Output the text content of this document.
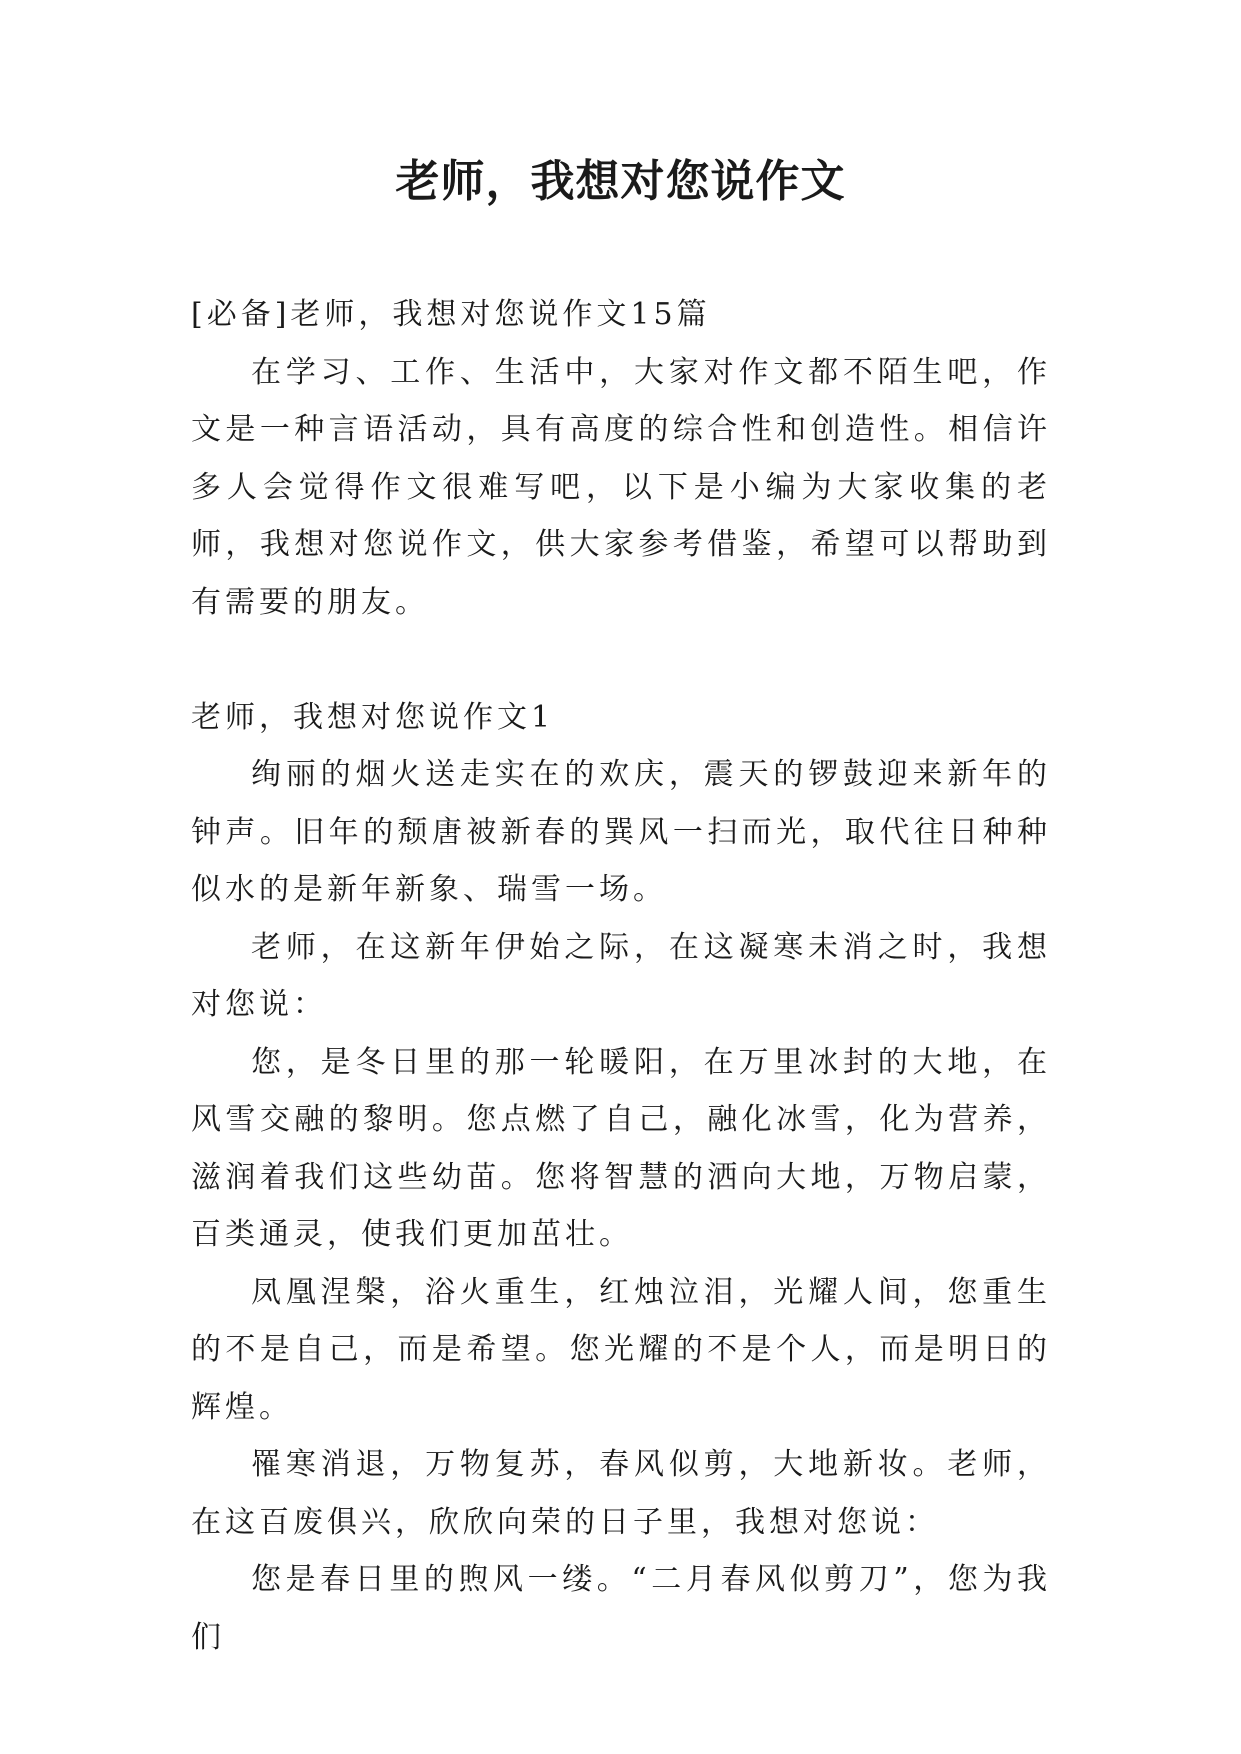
老师，我想对您说作文

[必备]老师，我想对您说作文15篇

在学习、工作、生活中，大家对作文都不陌生吧，作文是一种言语活动，具有高度的综合性和创造性。相信许多人会觉得作文很难写吧，以下是小编为大家收集的老师，我想对您说作文，供大家参考借鉴，希望可以帮助到有需要的朋友。

老师，我想对您说作文1

绚丽的烟火送走实在的欢庆，震天的锣鼓迎来新年的钟声。旧年的颓唐被新春的巽风一扫而光，取代往日种种似水的是新年新象、瑞雪一场。

老师，在这新年伊始之际，在这凝寒未消之时，我想对您说：

您，是冬日里的那一轮暖阳，在万里冰封的大地，在风雪交融的黎明。您点燃了自己，融化冰雪，化为营养，滋润着我们这些幼苗。您将智慧的洒向大地，万物启蒙，百类通灵，使我们更加茁壮。

凤凰涅槃，浴火重生，红烛泣泪，光耀人间，您重生的不是自己，而是希望。您光耀的不是个人，而是明日的辉煌。

罹寒消退，万物复苏，春风似剪，大地新妆。老师，在这百废俱兴，欣欣向荣的日子里，我想对您说：

您是春日里的煦风一缕。“二月春风似剪刀”，您为我们
